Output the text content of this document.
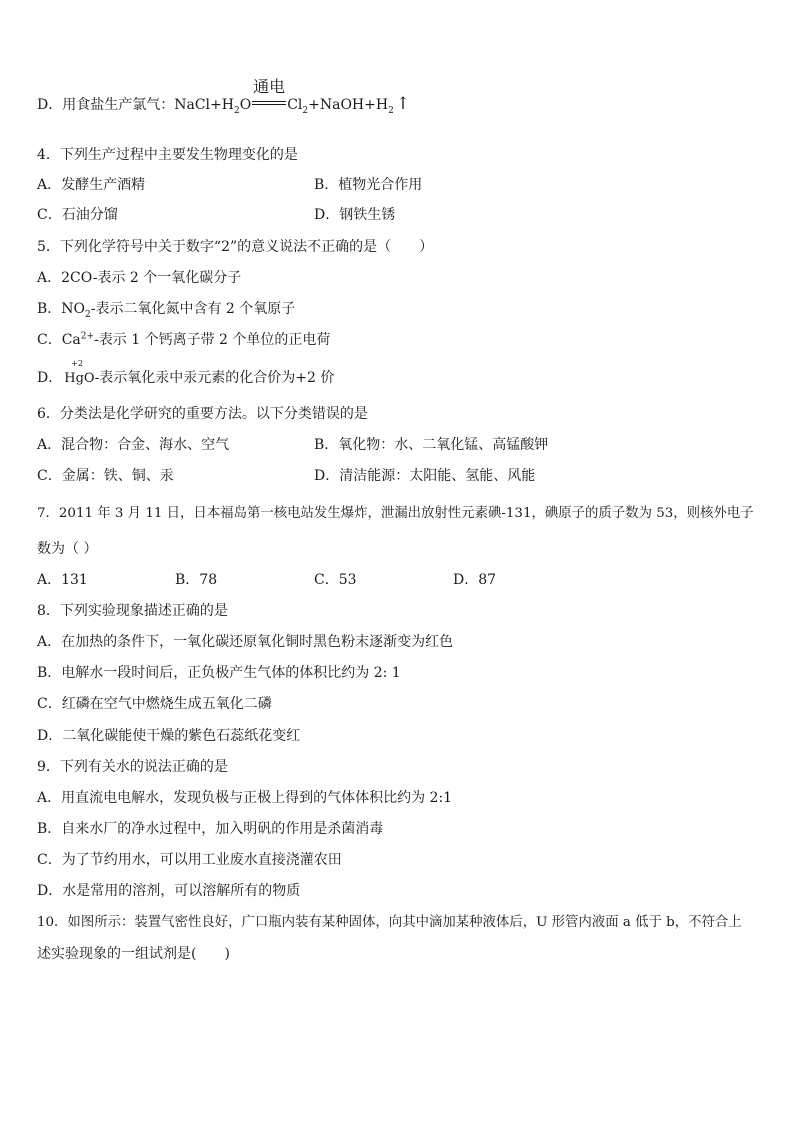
D．用食盐生产氯气：$NaCl+H_2O$
通电
$Cl_2+NaOH+H_2$ ↑
4．下列生产过程中主要发生物理变化的是
A．发酵生产酒精	B．植物光合作用
C．石油分馏	D．钢铁生锈
5．下列化学符号中关于数字“2”的意义说法不正确的是（　　）
A．2CO-表示 2 个一氧化碳分子
B．$NO_2-$表示二氧化氮中含有 2 个氧原子
C．$Ca^{2+}-$表示 1 个钙离子带 2 个单位的正电荷
D．
+2
HgO-表示氧化汞中汞元素的化合价为+2 价
6．分类法是化学研究的重要方法。以下分类错误的是
A．混合物：合金、海水、空气	B．氧化物：水、二氧化锰、高锰酸钾
C．金属：铁、铜、汞	D．清洁能源：太阳能、氢能、风能
7．2011 年 3 月 11 日，日本福岛第一核电站发生爆炸，泄漏出放射性元素碘-131，碘原子的质子数为 53，则核外电子
数为（ ）
A．131	B．78	C．53	D．87
8．下列实验现象描述正确的是
A．在加热的条件下，一氧化碳还原氧化铜时黑色粉末逐渐变为红色
B．电解水一段时间后，正负极产生气体的体积比约为 2: 1
C．红磷在空气中燃烧生成五氧化二磷
D．二氧化碳能使干燥的紫色石蕊纸花变红
9．下列有关水的说法正确的是
A．用直流电电解水，发现负极与正极上得到的气体体积比约为 2:1
B．自来水厂的净水过程中，加入明矾的作用是杀菌消毒
C．为了节约用水，可以用工业废水直接浇灌农田
D．水是常用的溶剂，可以溶解所有的物质
10．如图所示：装置气密性良好，广口瓶内装有某种固体，向其中滴加某种液体后，U 形管内液面 a 低于 b，不符合上
述实验现象的一组试剂是(　　)
